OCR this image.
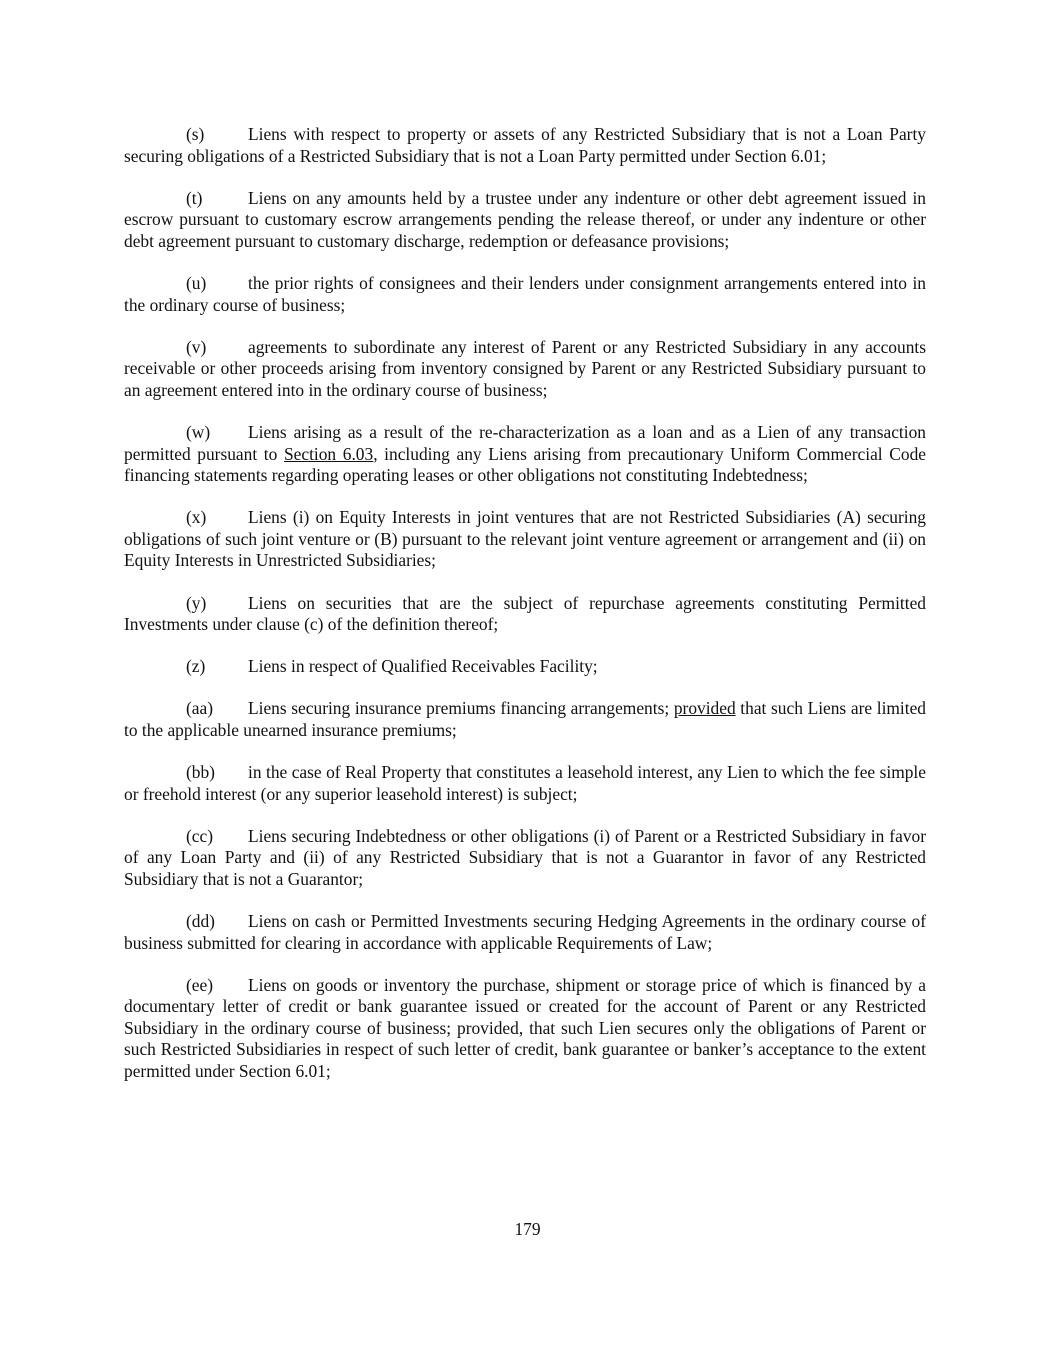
(s)	Liens with respect to property or assets of any Restricted Subsidiary that is not a Loan Party securing obligations of a Restricted Subsidiary that is not a Loan Party permitted under Section 6.01;

(t)	Liens on any amounts held by a trustee under any indenture or other debt agreement issued in escrow pursuant to customary escrow arrangements pending the release thereof, or under any indenture or other debt agreement pursuant to customary discharge, redemption or defeasance provisions;

(u) the prior rights of consignees and their lenders under consignment arrangements entered into in the ordinary course of business;

(v) agreements to subordinate any interest of Parent or any Restricted Subsidiary in any accounts receivable or other proceeds arising from inventory consigned by Parent or any Restricted Subsidiary pursuant to an agreement entered into in the ordinary course of business;

(w) Liens arising as a result of the re-characterization as a loan and as a Lien of any transaction permitted pursuant to Section 6.03, including any Liens arising from precautionary Uniform Commercial Code financing statements regarding operating leases or other obligations not constituting Indebtedness;

(x) Liens (i) on Equity Interests in joint ventures that are not Restricted Subsidiaries (A) securing obligations of such joint venture or (B) pursuant to the relevant joint venture agreement or arrangement and (ii) on Equity Interests in Unrestricted Subsidiaries;

(y) Liens on securities that are the subject of repurchase agreements constituting Permitted Investments under clause (c) of the definition thereof;

(z) Liens in respect of Qualified Receivables Facility;

(aa) Liens securing insurance premiums financing arrangements; provided that such Liens are limited to the applicable unearned insurance premiums;

(bb) in the case of Real Property that constitutes a leasehold interest, any Lien to which the fee simple or freehold interest (or any superior leasehold interest) is subject;

(cc) Liens securing Indebtedness or other obligations (i) of Parent or a Restricted Subsidiary in favor of any Loan Party and (ii) of any Restricted Subsidiary that is not a Guarantor in favor of any Restricted Subsidiary that is not a Guarantor;

(dd) Liens on cash or Permitted Investments securing Hedging Agreements in the ordinary course of business submitted for clearing in accordance with applicable Requirements of Law;

(ee) Liens on goods or inventory the purchase, shipment or storage price of which is financed by a documentary letter of credit or bank guarantee issued or created for the account of Parent or any Restricted Subsidiary in the ordinary course of business; provided, that such Lien secures only the obligations of Parent or such Restricted Subsidiaries in respect of such letter of credit, bank guarantee or banker’s acceptance to the extent permitted under Section 6.01;

179
